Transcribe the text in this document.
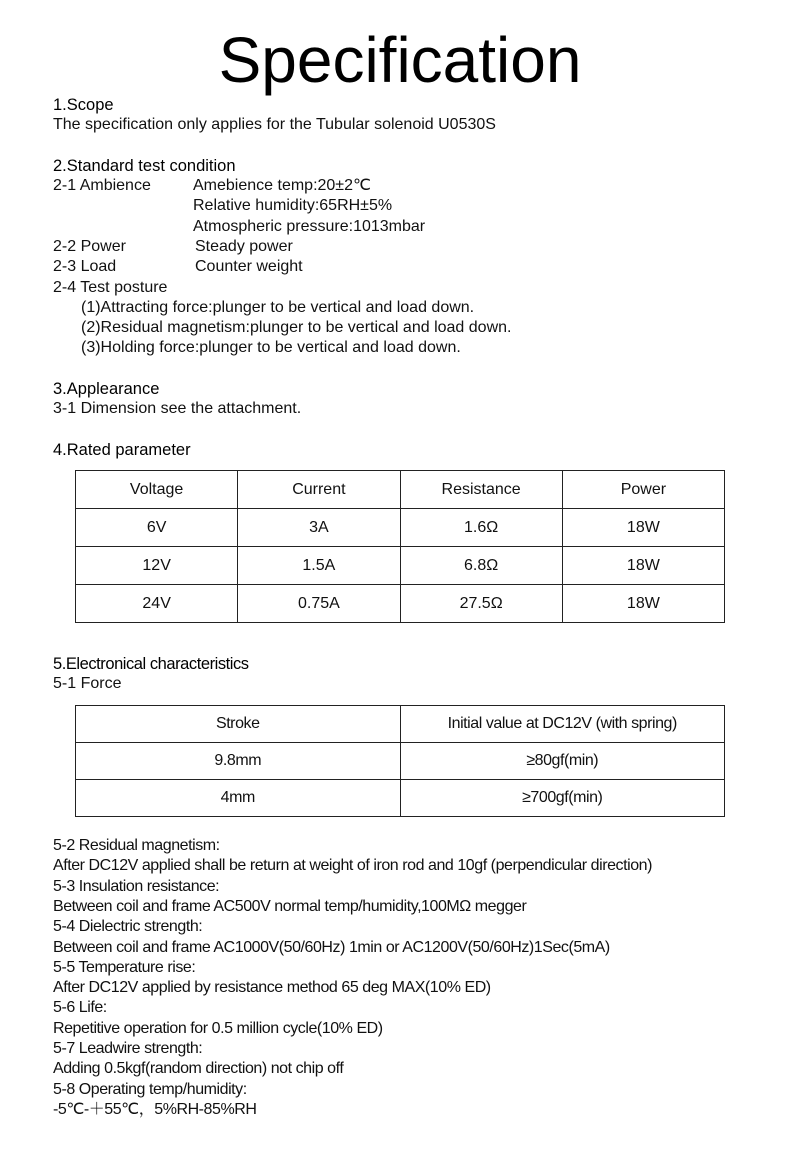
Specification
1.Scope
The specification only applies for the Tubular solenoid U0530S
2.Standard test condition
2-1 Ambience	Amebience temp:20±2℃
Relative humidity:65RH±5%
Atmospheric pressure:1013mbar
2-2 Power	Steady power
2-3 Load	Counter weight
2-4 Test posture
(1)Attracting force:plunger to be vertical and load down.
(2)Residual magnetism:plunger to be vertical and load down.
(3)Holding force:plunger to be vertical and load down.
3.Applearance
3-1 Dimension see the attachment.
4.Rated parameter
Voltage	Current	Resistance	Power
6V	3A	1.6Ω	18W
12V	1.5A	6.8Ω	18W
24V	0.75A	27.5Ω	18W
5.Electronical characteristics
5-1 Force
Stroke	Initial value at DC12V (with spring)
9.8mm	≥80gf(min)
4mm	≥700gf(min)
5-2 Residual magnetism:
After DC12V applied shall be return at weight of iron rod and 10gf (perpendicular direction)
5-3 Insulation resistance:
Between coil and frame AC500V normal temp/humidity,100MΩ megger
5-4 Dielectric strength:
Between coil and frame AC1000V(50/60Hz) 1min or AC1200V(50/60Hz)1Sec(5mA)
5-5 Temperature rise:
After DC12V applied by resistance method 65 deg MAX(10% ED)
5-6 Life:
Repetitive operation for 0.5 million cycle(10% ED)
5-7 Leadwire strength:
Adding 0.5kgf(random direction) not chip off
5-8 Operating temp/humidity:
-5℃-＋55℃，5%RH-85%RH
